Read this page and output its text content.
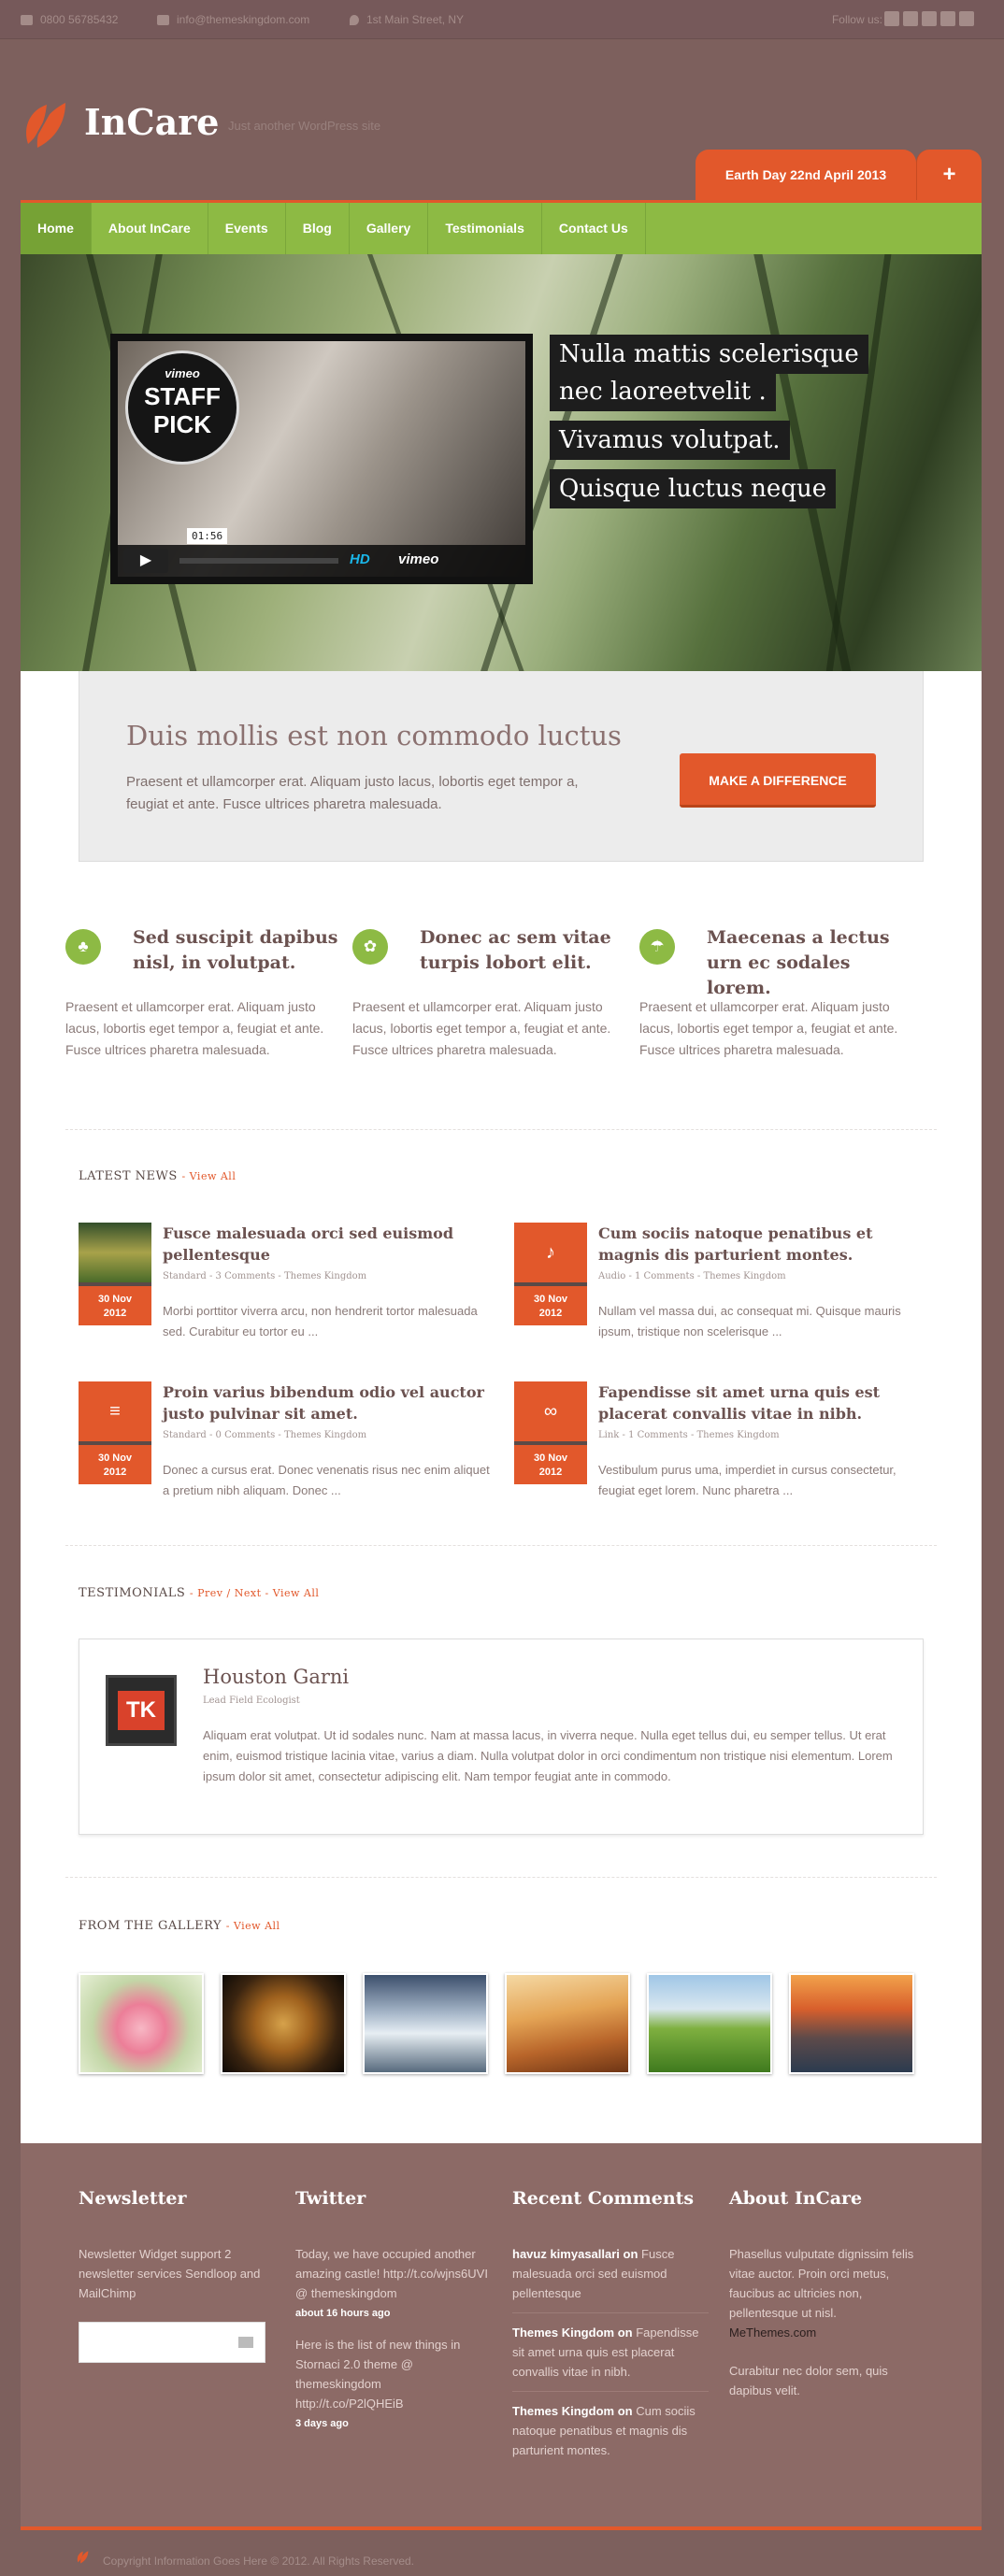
0800 56785432	info@themeskingdom.com	1st Main Street, NY	Follow us:
InCare Just another WordPress site
Earth Day 22nd April 2013	+
Home	About InCare	Events	Blog	Gallery	Testimonials	Contact Us
vimeo
STAFF
PICK
01:56
▶	HD vimeo
Nulla mattis scelerisque
nec laoreetvelit .
Vivamus volutpat.
Quisque luctus neque
Duis mollis est non commodo luctus

Praesent et ullamcorper erat. Aliquam justo lacus, lobortis eget tempor a, feugiat et ante. Fusce ultrices pharetra malesuada.

MAKE A DIFFERENCE
♣	Sed suscipit dapibus nisl, in volutpat.

Praesent et ullamcorper erat. Aliquam justo lacus, lobortis eget tempor a, feugiat et ante. Fusce ultrices pharetra malesuada.

✿	Donec ac sem vitae turpis lobort elit.

Praesent et ullamcorper erat. Aliquam justo lacus, lobortis eget tempor a, feugiat et ante. Fusce ultrices pharetra malesuada.

☂	Maecenas a lectus urn ec sodales lorem.

Praesent et ullamcorper erat. Aliquam justo lacus, lobortis eget tempor a, feugiat et ante. Fusce ultrices pharetra malesuada.

LATEST NEWS - View All
30 Nov
2012
Fusce malesuada orci sed euismod pellentesque
Standard - 3 Comments - Themes Kingdom

Morbi porttitor viverra arcu, non hendrerit tortor malesuada sed. Curabitur eu tortor eu ...

♪
30 Nov
2012
Cum sociis natoque penatibus et magnis dis parturient montes.
Audio - 1 Comments - Themes Kingdom

Nullam vel massa dui, ac consequat mi. Quisque mauris ipsum, tristique non scelerisque ...

≡
30 Nov
2012
Proin varius bibendum odio vel auctor justo pulvinar sit amet.
Standard - 0 Comments - Themes Kingdom

Donec a cursus erat. Donec venenatis risus nec enim aliquet a pretium nibh aliquam. Donec ...

∞
30 Nov
2012
Fapendisse sit amet urna quis est placerat convallis vitae in nibh.
Link - 1 Comments - Themes Kingdom

Vestibulum purus uma, imperdiet in cursus consectetur, feugiat eget lorem. Nunc pharetra ...

TESTIMONIALS - Prev / Next - View All
TK
Houston Garni
Lead Field Ecologist
Aliquam erat volutpat. Ut id sodales nunc. Nam at massa lacus, in viverra neque. Nulla eget tellus dui, eu semper tellus. Ut erat enim, euismod tristique lacinia vitae, varius a diam. Nulla volutpat dolor in orci condimentum non tristique nisi elementum. Lorem ipsum dolor sit amet, consectetur adipiscing elit. Nam tempor feugiat ante in commodo.
FROM THE GALLERY - View All
Newsletter

Newsletter Widget support 2 newsletter services Sendloop and MailChimp

Twitter

Today, we have occupied another amazing castle! http://t.co/wjns6UVI @ themeskingdom

about 16 hours ago

Here is the list of new things in Stornaci 2.0 theme @ themeskingdom http://t.co/P2lQHEiB

3 days ago
Recent Comments
havuz kimyasallari on Fusce malesuada orci sed euismod pellentesque
Themes Kingdom on Fapendisse sit amet urna quis est placerat convallis vitae in nibh.
Themes Kingdom on Cum sociis natoque penatibus et magnis dis parturient montes.
About InCare

Phasellus vulputate dignissim felis vitae auctor. Proin orci metus, faucibus ac ultricies non, pellentesque ut nisl.

MeThemes.com

Curabitur nec dolor sem, quis dapibus velit.

Copyright Information Goes Here © 2012. All Rights Reserved.
